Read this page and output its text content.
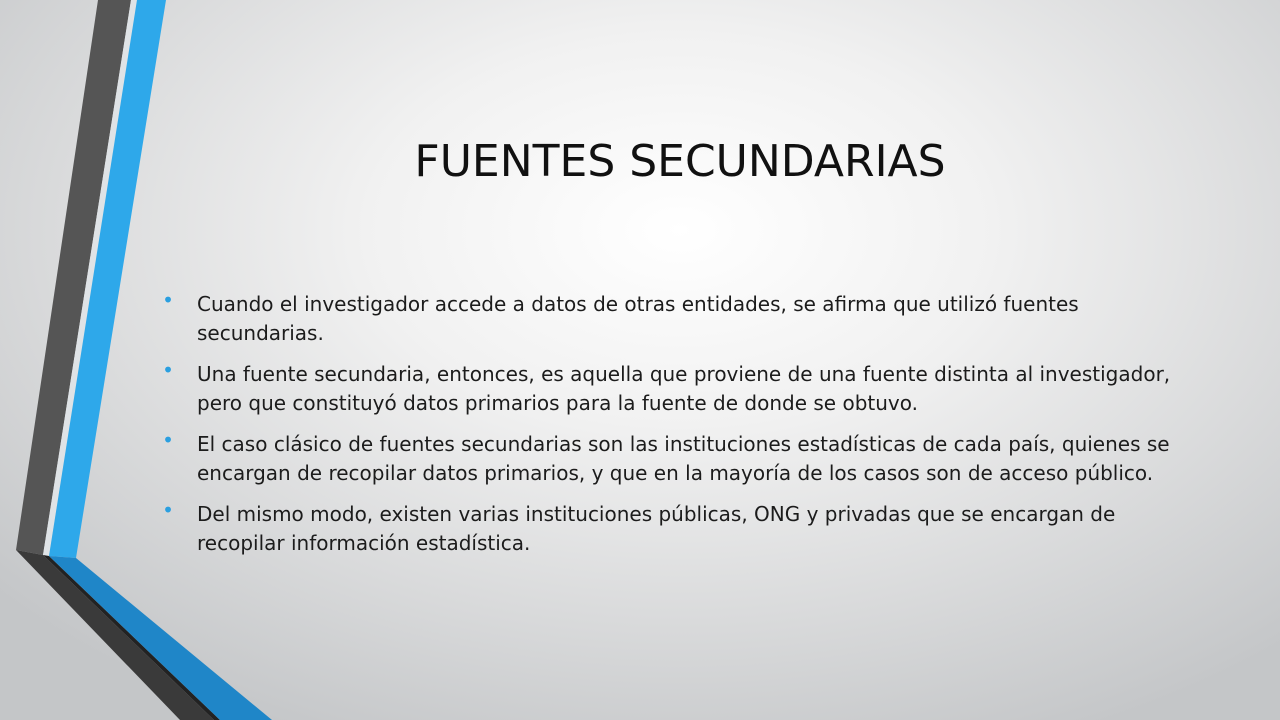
FUENTES SECUNDARIAS
• Cuando el investigador accede a datos de otras entidades, se afirma que utilizó fuentes secundarias.
• Una fuente secundaria, entonces, es aquella que proviene de una fuente distinta al investigador, pero que constituyó datos primarios para la fuente de donde se obtuvo.
• El caso clásico de fuentes secundarias son las instituciones estadísticas de cada país, quienes se encargan de recopilar datos primarios, y que en la mayoría de los casos son de acceso público.
• Del mismo modo, existen varias instituciones públicas, ONG y privadas que se encargan de recopilar información estadística.
